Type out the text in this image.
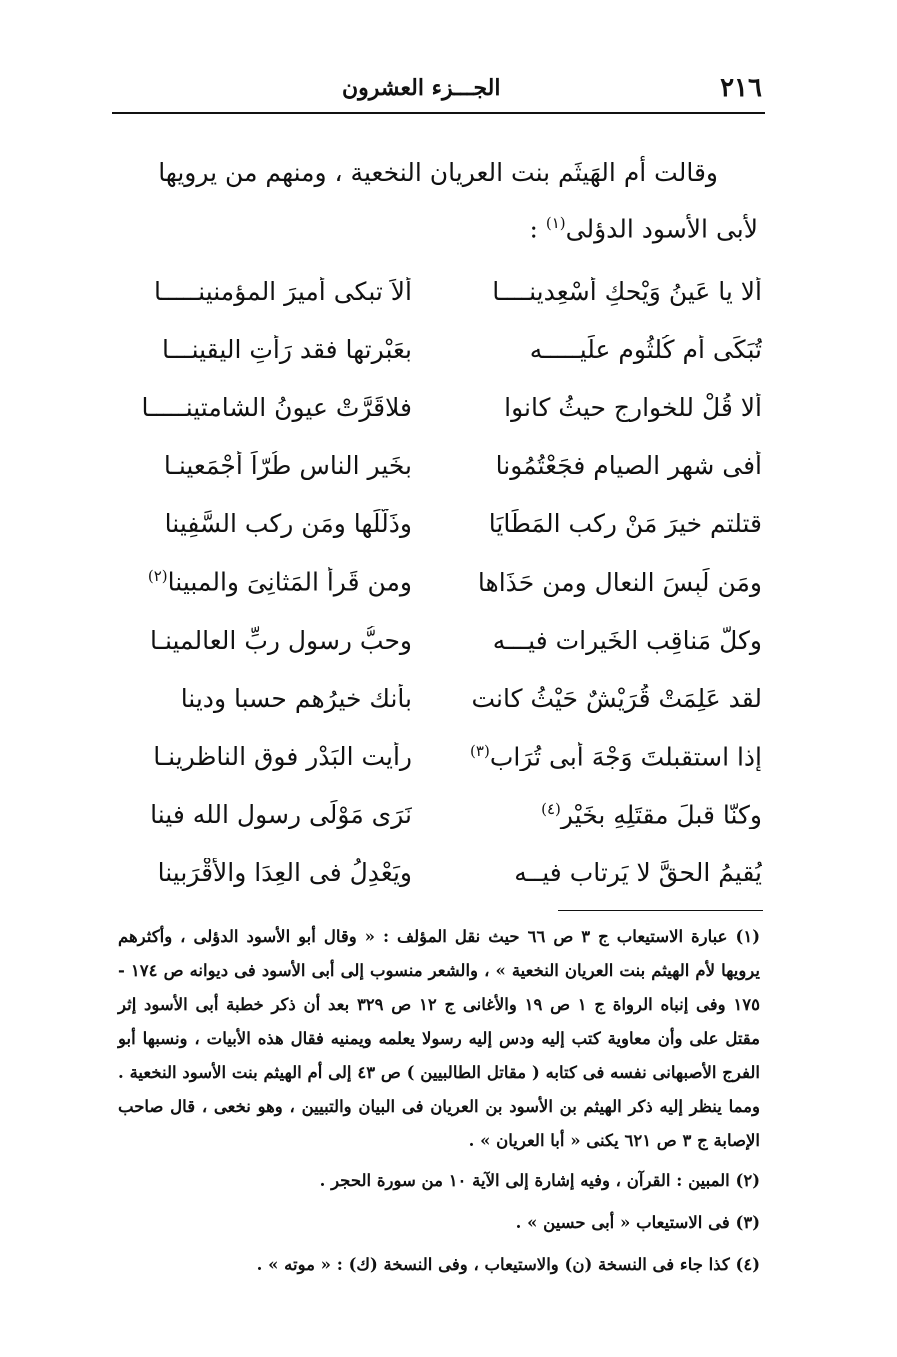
٢١٦
الجـــزء العشرون

وقالت أم الهَيثَم بنت العريان النخعية ، ومنهم من يرويها

لأبى الأسود الدؤلى$^{(١)}$ :

ألا يا عَينُ وَيْحكِ أسْعِدينــــا
ألاَ تبكى أميرَ المؤمنينـــــا
تُبَكِّى أم كُلثُومٍ علَيـــــه
بعَبْرتها فقد رَأتِ اليقينـــا
ألا قُلْ للخوارج حيثُ كانوا
فلاقَرَّتْ عيونُ الشامتينـــــا
أفى شهر الصيام فجَعْتُمُونا
بخَير الناس طُرّاً أجْمَعينـا
قتلتم خيرَ مَنْ ركب المَطَايَا
وذَلّلَها ومَن ركب السَّفِينا
ومَن لَبِسَ النعال ومن حَذَاها
ومن قَرأ المَثانِىَ والمبينا$^{(٢)}$
وكلُّ مَناقِب الخَيرات فيـــه
وحبُّ رسول ربِّ العالمينـا
لقد عَلِمَتْ قُرَيْشٌ حَيْثُ كانت
بأنك خيرُهم حسبا ودينا
إذا استقبلتَ وَجْهَ أبى تُرَاب$^{(٣)}$
رأيت البَدْر فوق الناظرينـا
وكنّا قبلَ مقتَلِهِ بخَيْرٍ$^{(٤)}$
نَرَى مَوْلَى رسول الله فينا
يُقيمُ الحقَّ لا يَرتاب فيــه
ويَعْدِلُ فى العِدَا والأقْرَبينا

(١) عبارة الاستيعاب ج ٣ ص ٦٦ حيث نقل المؤلف : « وقال أبو الأسود الدؤلى ، وأكثرهم يرويها لأم الهيثم بنت العريان النخعية » ، والشعر منسوب إلى أبى الأسود فى ديوانه ص ١٧٤ - ١٧٥ وفى إنباه الرواة ج ١ ص ١٩ والأغانى ج ١٢ ص ٣٢٩ بعد أن ذكر خطبة أبى الأسود إثر مقتل على وأن معاوية كتب إليه ودس إليه رسولا يعلمه ويمنيه فقال هذه الأبيات ، ونسبها أبو الفرج الأصبهانى نفسه فى كتابه ( مقاتل الطالبيين ) ص ٤٣ إلى أم الهيثم بنت الأسود النخعية . ومما ينظر إليه ذكر الهيثم بن الأسود بن العريان فى البيان والتبيين ، وهو نخعى ، قال صاحب الإصابة ج ٣ ص ٦٢١ يكنى « أبا العريان » .

(٢) المبين : القرآن ، وفيه إشارة إلى الآية ١٠ من سورة الحجر .

(٣) فى الاستيعاب « أبى حسين » .

(٤) كذا جاء فى النسخة (ن) والاستيعاب ، وفى النسخة (ك) : « موته » .
